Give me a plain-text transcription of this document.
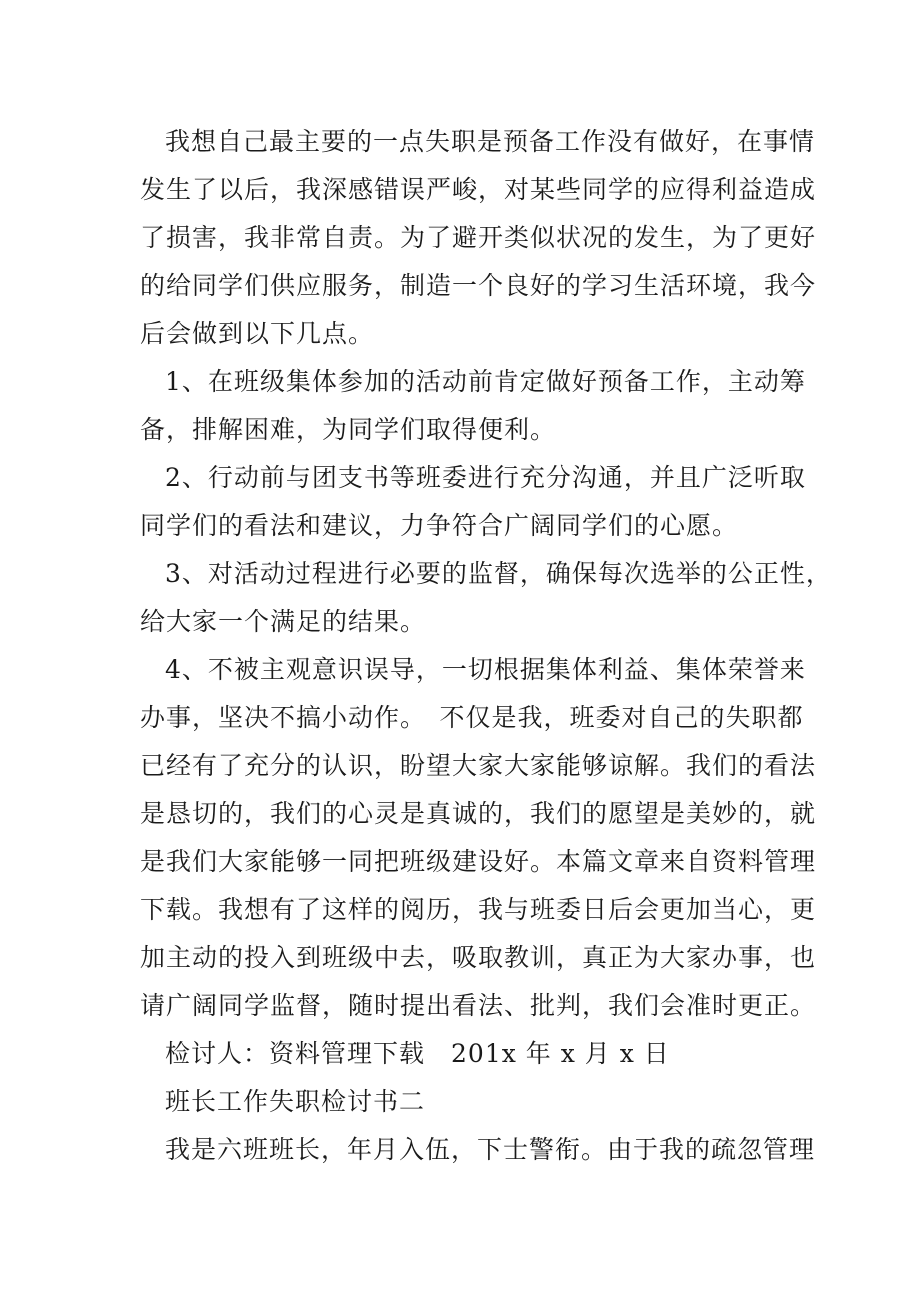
我想自己最主要的一点失职是预备工作没有做好，在事情
发生了以后，我深感错误严峻，对某些同学的应得利益造成
了损害，我非常自责。为了避开类似状况的发生，为了更好
的给同学们供应服务，制造一个良好的学习生活环境，我今
后会做到以下几点。
1、在班级集体参加的活动前肯定做好预备工作，主动筹
备，排解困难，为同学们取得便利。
2、行动前与团支书等班委进行充分沟通，并且广泛听取
同学们的看法和建议，力争符合广阔同学们的心愿。
3、对活动过程进行必要的监督，确保每次选举的公正性，
给大家一个满足的结果。
4、不被主观意识误导，一切根据集体利益、集体荣誉来
办事，坚决不搞小动作。　不仅是我，班委对自己的失职都
已经有了充分的认识，盼望大家大家能够谅解。我们的看法
是恳切的，我们的心灵是真诚的，我们的愿望是美妙的，就
是我们大家能够一同把班级建设好。本篇文章来自资料管理
下载。我想有了这样的阅历，我与班委日后会更加当心，更
加主动的投入到班级中去，吸取教训，真正为大家办事，也
请广阔同学监督，随时提出看法、批判，我们会准时更正。
检讨人：资料管理下载　201x 年 x 月 x 日
班长工作失职检讨书二
我是六班班长，年月入伍，下士警衔。由于我的疏忽管理
